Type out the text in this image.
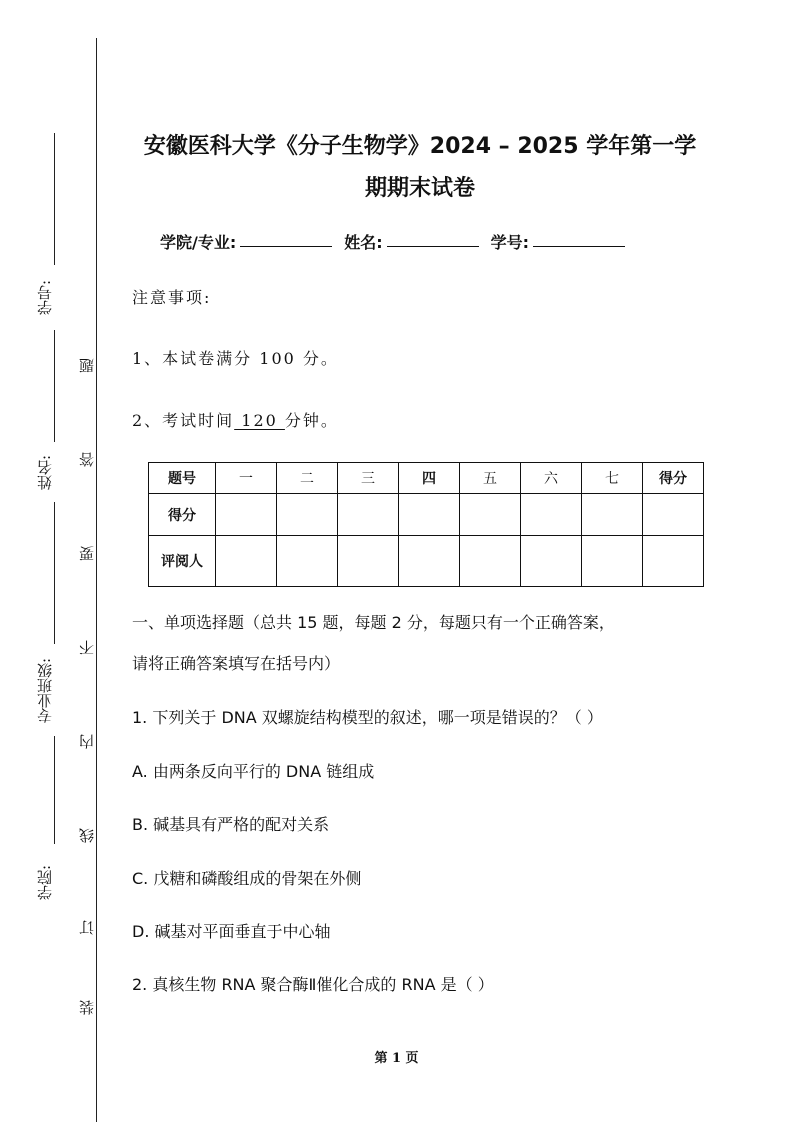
学号:
姓名:
专业班级:
学院:
题
答
要
不
内
线
订
装
安徽医科大学《分子生物学》2024 – 2025 学年第一学
期期末试卷
学院/专业:	姓名:	学号:
注意事项:
1、本试卷满分 100 分。
2、考试时间 120 分钟。
题号	一	二	三	四	五	六	七	得分
得分								
评阅人								
一、单项选择题（总共 15 题，每题 2 分，每题只有一个正确答案，
请将正确答案填写在括号内）
1. 下列关于 DNA 双螺旋结构模型的叙述，哪一项是错误的？（ ）
A. 由两条反向平行的 DNA 链组成
B. 碱基具有严格的配对关系
C. 戊糖和磷酸组成的骨架在外侧
D. 碱基对平面垂直于中心轴
2. 真核生物 RNA 聚合酶Ⅱ催化合成的 RNA 是（ ）
第 1 页
